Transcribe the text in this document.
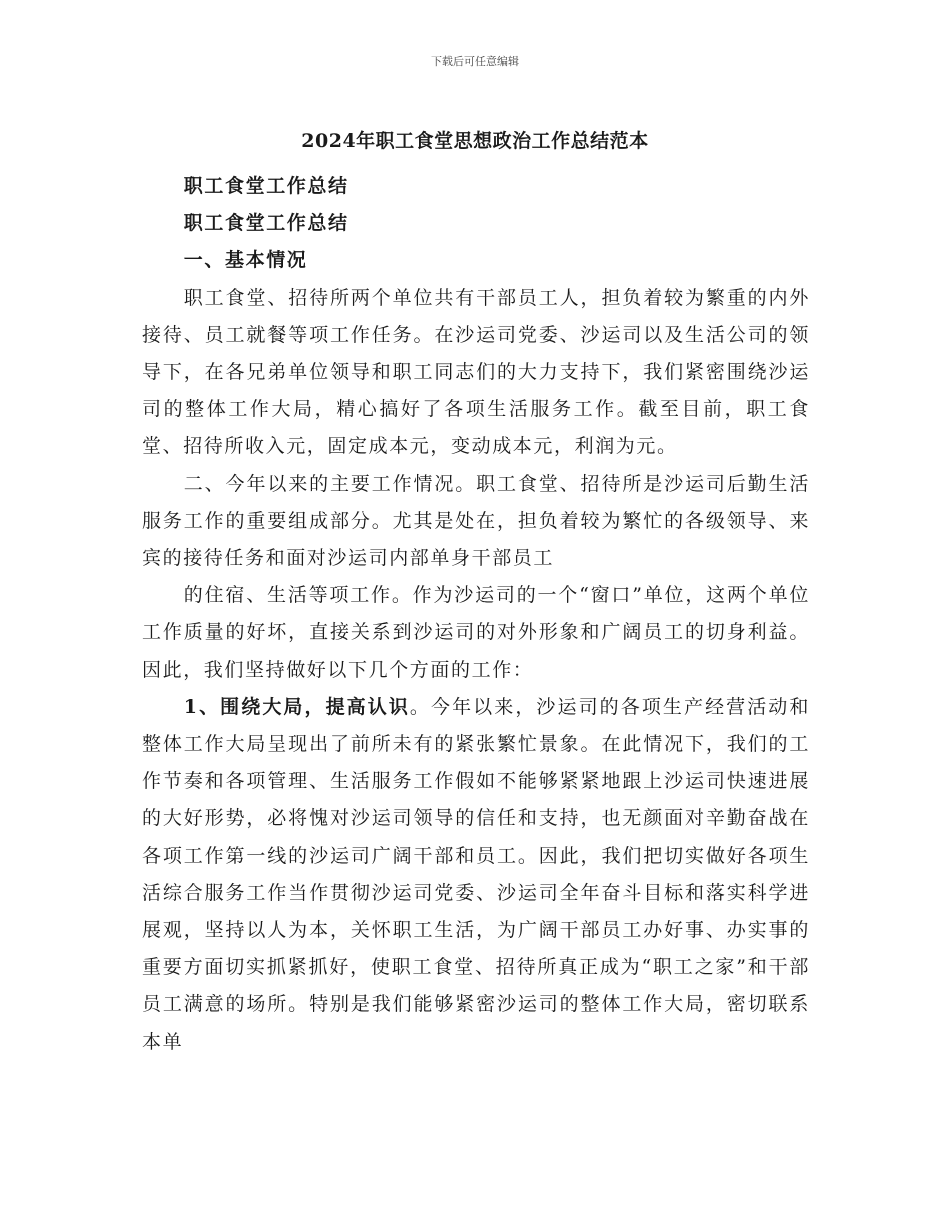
下载后可任意编辑
2024年职工食堂思想政治工作总结范本

职工食堂工作总结

职工食堂工作总结

一、基本情况

职工食堂、招待所两个单位共有干部员工人，担负着较为繁重的内外接待、员工就餐等项工作任务。在沙运司党委、沙运司以及生活公司的领导下，在各兄弟单位领导和职工同志们的大力支持下，我们紧密围绕沙运司的整体工作大局，精心搞好了各项生活服务工作。截至目前，职工食堂、招待所收入元，固定成本元，变动成本元，利润为元。

二、今年以来的主要工作情况。职工食堂、招待所是沙运司后勤生活服务工作的重要组成部分。尤其是处在，担负着较为繁忙的各级领导、来宾的接待任务和面对沙运司内部单身干部员工

的住宿、生活等项工作。作为沙运司的一个“窗口”单位，这两个单位工作质量的好坏，直接关系到沙运司的对外形象和广阔员工的切身利益。因此，我们坚持做好以下几个方面的工作：

1、围绕大局，提高认识。今年以来，沙运司的各项生产经营活动和整体工作大局呈现出了前所未有的紧张繁忙景象。在此情况下，我们的工作节奏和各项管理、生活服务工作假如不能够紧紧地跟上沙运司快速进展的大好形势，必将愧对沙运司领导的信任和支持，也无颜面对辛勤奋战在各项工作第一线的沙运司广阔干部和员工。因此，我们把切实做好各项生活综合服务工作当作贯彻沙运司党委、沙运司全年奋斗目标和落实科学进展观，坚持以人为本，关怀职工生活，为广阔干部员工办好事、办实事的重要方面切实抓紧抓好，使职工食堂、招待所真正成为“职工之家”和干部员工满意的场所。特别是我们能够紧密沙运司的整体工作大局，密切联系本单
